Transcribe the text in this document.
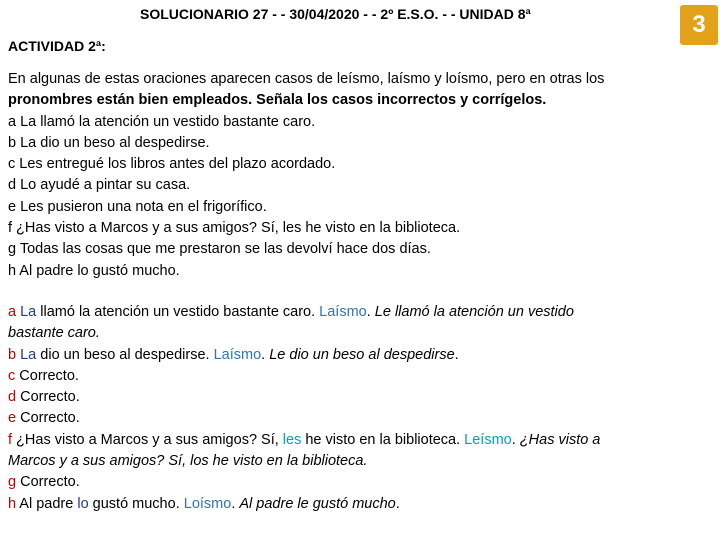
SOLUCIONARIO 27 - - 30/04/2020 - - 2º E.S.O. - - UNIDAD 8ª	3
ACTIVIDAD 2ª:
En algunas de estas oraciones aparecen casos de leísmo, laísmo y loísmo, pero en otras los
pronombres están bien empleados. Señala los casos incorrectos y corrígelos.
a La llamó la atención un vestido bastante caro.
b La dio un beso al despedirse.
c Les entregué los libros antes del plazo acordado.
d Lo ayudé a pintar su casa.
e Les pusieron una nota en el frigorífico.
f ¿Has visto a Marcos y a sus amigos? Sí, les he visto en la biblioteca.
g Todas las cosas que me prestaron se las devolví hace dos días.
h Al padre lo gustó mucho.
a La llamó la atención un vestido bastante caro. Laísmo. Le llamó la atención un vestido
bastante caro.
b La dio un beso al despedirse. Laísmo. Le dio un beso al despedirse.
c Correcto.
d Correcto.
e Correcto.
f ¿Has visto a Marcos y a sus amigos? Sí, les he visto en la biblioteca. Leísmo. ¿Has visto a
Marcos y a sus amigos? Sí, los he visto en la biblioteca.
g Correcto.
h Al padre lo gustó mucho. Loísmo. Al padre le gustó mucho.
